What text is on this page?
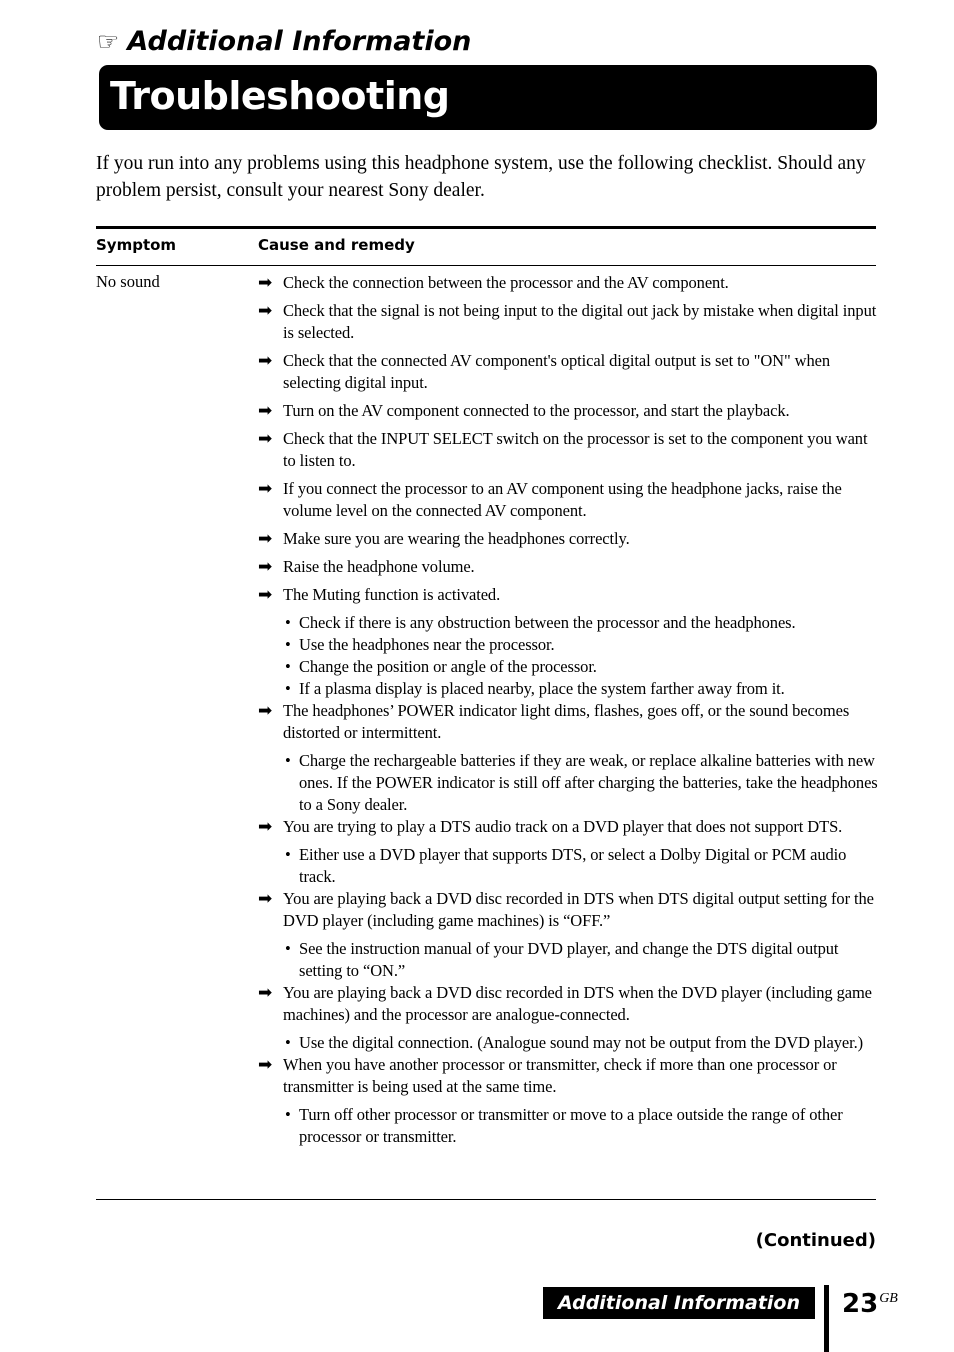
☞ Additional Information
Troubleshooting

If you run into any problems using this headphone system, use the following checklist. Should any problem persist, consult your nearest Sony dealer.

Symptom	Cause and remedy
No sound	➡ Check the connection between the processor and the AV component.
➡ Check that the signal is not being input to the digital out jack by mistake when digital input is selected.
➡ Check that the connected AV component's optical digital output is set to "ON" when selecting digital input.
➡ Turn on the AV component connected to the processor, and start the playback.
➡ Check that the INPUT SELECT switch on the processor is set to the component you want to listen to.
➡ If you connect the processor to an AV component using the headphone jacks, raise the volume level on the connected AV component.
➡ Make sure you are wearing the headphones correctly.
➡ Raise the headphone volume.
➡ The Muting function is activated.
• Check if there is any obstruction between the processor and the headphones.
• Use the headphones near the processor.
• Change the position or angle of the processor.
• If a plasma display is placed nearby, place the system farther away from it.
➡ The headphones’ POWER indicator light dims, flashes, goes off, or the sound becomes distorted or intermittent.
• Charge the rechargeable batteries if they are weak, or replace alkaline batteries with new ones. If the POWER indicator is still off after charging the batteries, take the headphones to a Sony dealer.
➡ You are trying to play a DTS audio track on a DVD player that does not support DTS.
• Either use a DVD player that supports DTS, or select a Dolby Digital or PCM audio track.
➡ You are playing back a DVD disc recorded in DTS when DTS digital output setting for the DVD player (including game machines) is “OFF.”
• See the instruction manual of your DVD player, and change the DTS digital output setting to “ON.”
➡ You are playing back a DVD disc recorded in DTS when the DVD player (including game machines) and the processor are analogue-connected.
• Use the digital connection. (Analogue sound may not be output from the DVD player.)
➡ When you have another processor or transmitter, check if more than one processor or transmitter is being used at the same time.
• Turn off other processor or transmitter or move to a place outside the range of other processor or transmitter.
(Continued)
Additional Information	$23^{GB}$
